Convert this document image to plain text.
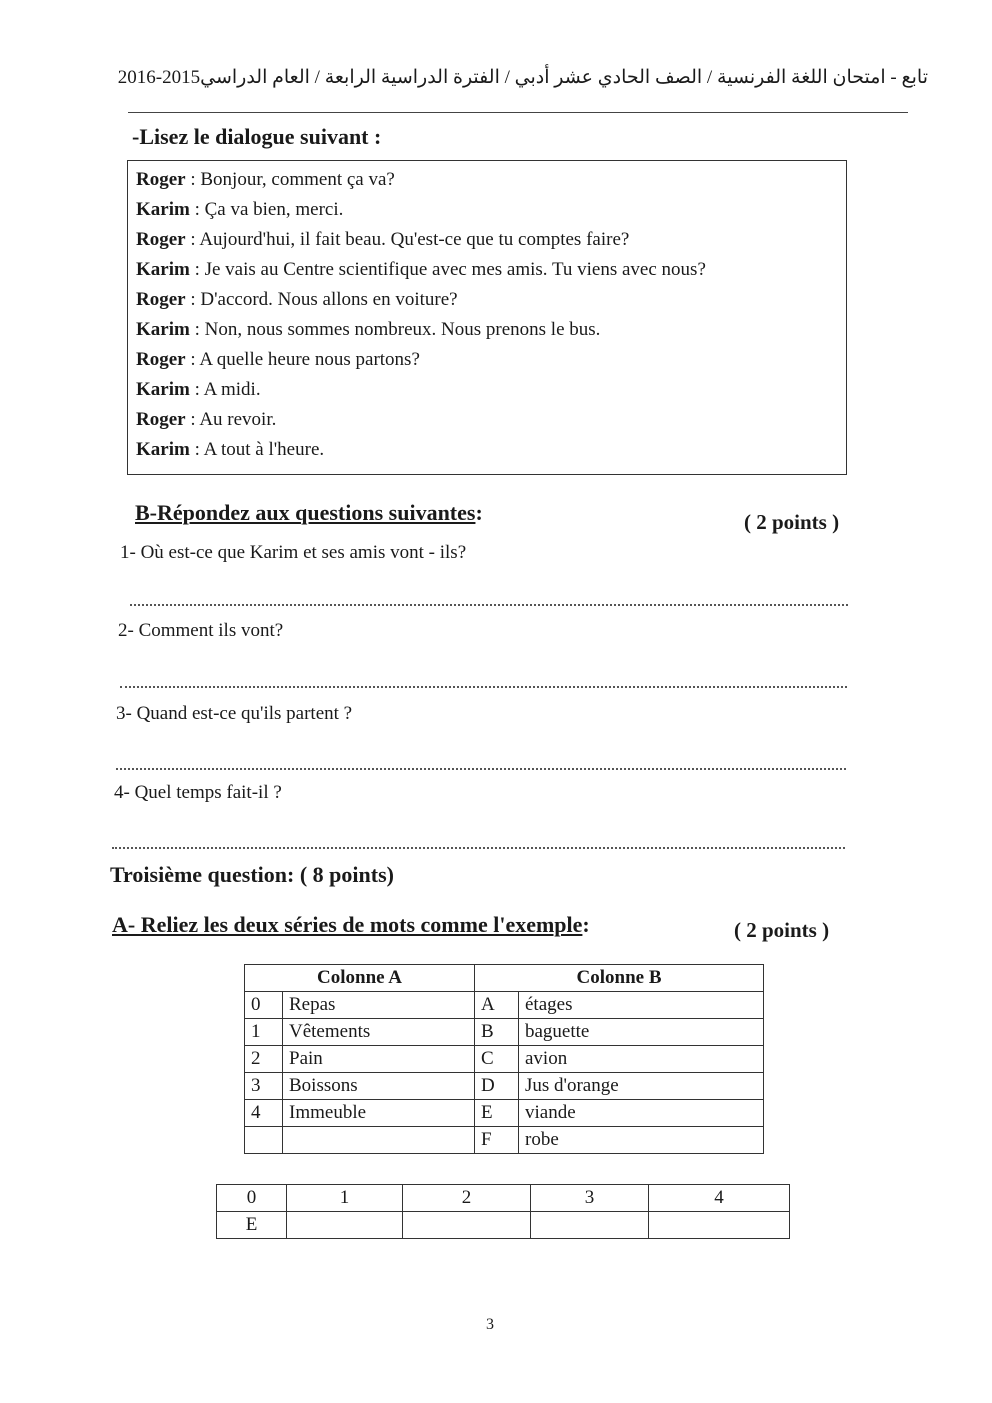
تابع - امتحان اللغة الفرنسية / الصف الحادي عشر أدبي / الفترة الدراسية الرابعة / العام الدراسي2015-2016
-Lisez le dialogue suivant :
Roger : Bonjour, comment ça va?
Karim : Ça va bien, merci.
Roger : Aujourd'hui, il fait beau. Qu'est-ce que tu comptes faire?
Karim : Je vais au Centre scientifique avec mes amis. Tu viens avec nous?
Roger : D'accord. Nous allons en voiture?
Karim : Non, nous sommes nombreux. Nous prenons le bus.
Roger : A quelle heure nous partons?
Karim : A midi.
Roger : Au revoir.
Karim : A tout à l'heure.
B-Répondez aux questions suivantes:	( 2 points )
1- Où est-ce que Karim et ses amis vont - ils?
2- Comment ils vont?
3- Quand est-ce qu'ils partent ?
4- Quel temps fait-il ?
Troisième question: ( 8 points)
A- Reliez les deux séries de mots comme l'exemple:	( 2 points )
Colonne A		Colonne B	
0	Repas	A	étages
1	Vêtements	B	baguette
2	Pain	C	avion
3	Boissons	D	Jus d'orange
4	Immeuble	E	viande
		F	robe
0	1	2	3	4
E				
3
